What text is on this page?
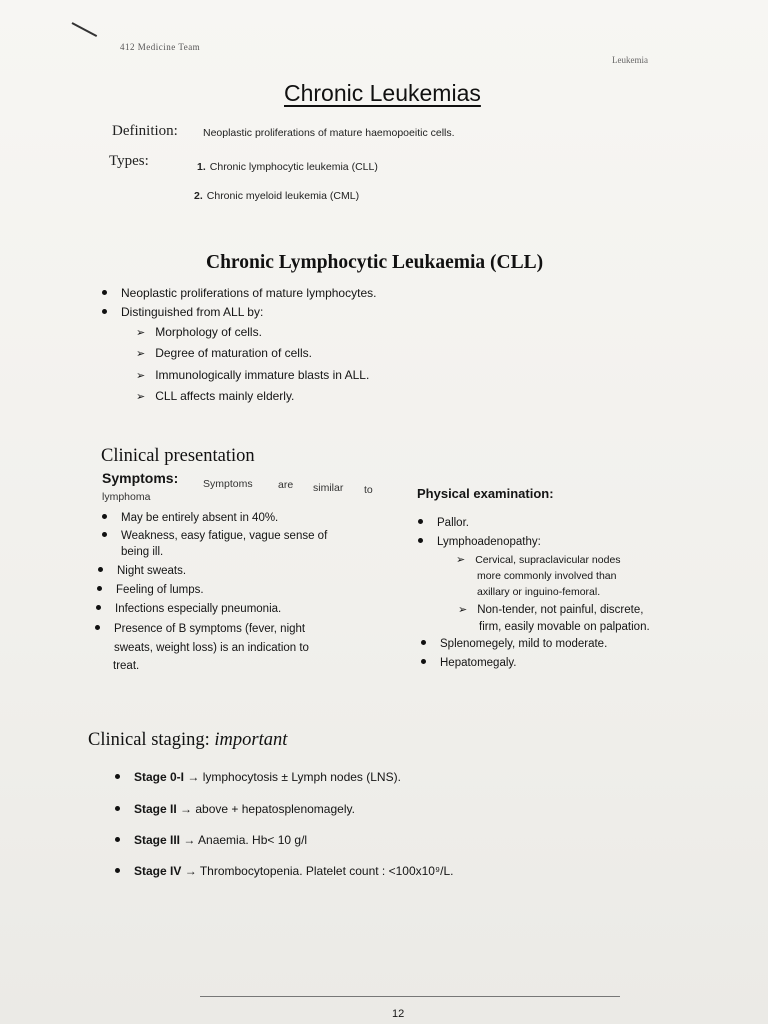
412 Medicine Team
Leukemia
Chronic Leukemias
Definition: Neoplastic proliferations of mature haemopoeitic cells.
Types:	1. Chronic lymphocytic leukemia (CLL)
2. Chronic myeloid leukemia (CML)
Chronic Lymphocytic Leukaemia (CLL)
Neoplastic proliferations of mature lymphocytes.
Distinguished from ALL by:
➢ Morphology of cells.
➢ Degree of maturation of cells.
➢ Immunologically immature blasts in ALL.
➢ CLL affects mainly elderly.
Clinical presentation
Symptoms: Symptoms are similar to
lymphoma
May be entirely absent in 40%.
Weakness, easy fatigue, vague sense of
being ill.
Night sweats.
Feeling of lumps.
Infections especially pneumonia.
Presence of B symptoms (fever, night
sweats, weight loss) is an indication to
treat.
Physical examination:
Pallor.
Lymphoadenopathy:
➢ Cervical, supraclavicular nodes
more commonly involved than
axillary or inguino-femoral.
➢ Non-tender, not painful, discrete,
firm, easily movable on palpation.
Splenomegely, mild to moderate.
Hepatomegaly.
Clinical staging: important
Stage 0-I → lymphocytosis ± Lymph nodes (LNS).
Stage II → above + hepatosplenomagely.
Stage III → Anaemia. Hb< 10 g/l
Stage IV → Thrombocytopenia. Platelet count : <100x10⁹/L.
12
